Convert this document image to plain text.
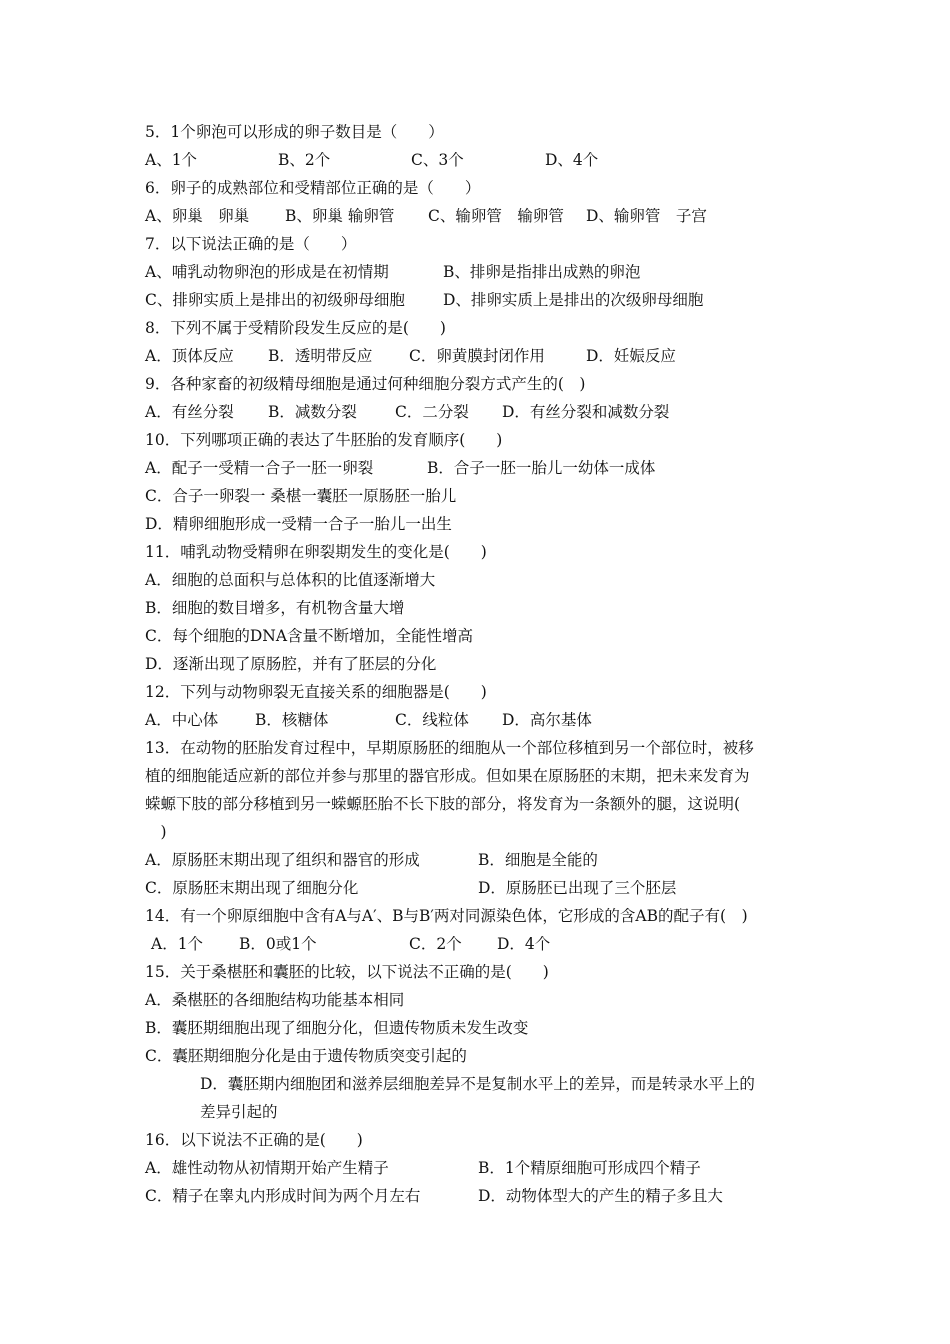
5．1个卵泡可以形成的卵子数目是（　　）
A、1个	B、2个	C、3个	D、4个
6．卵子的成熟部位和受精部位正确的是（　　）
A、卵巢　卵巢 B、卵巢 输卵管 C、输卵管　输卵管 D、输卵管　子宫
7．以下说法正确的是（　　）
A、哺乳动物卵泡的形成是在初情期	B、排卵是指排出成熟的卵泡
C、排卵实质上是排出的初级卵母细胞 D、排卵实质上是排出的次级卵母细胞
8．下列不属于受精阶段发生反应的是(　　)
A．顶体反应 B．透明带反应 C．卵黄膜封闭作用	D．妊娠反应
9．各种家畜的初级精母细胞是通过何种细胞分裂方式产生的(　)
A．有丝分裂 B．减数分裂 C．二分裂 D．有丝分裂和减数分裂
10．下列哪项正确的表达了牛胚胎的发育顺序(　　)
A．配子一受精一合子一胚一卵裂	B．合子一胚一胎儿一幼体一成体
C．合子一卵裂一 桑椹一囊胚一原肠胚一胎儿
D．精卵细胞形成一受精一合子一胎儿一出生
11．哺乳动物受精卵在卵裂期发生的变化是(　　)
A．细胞的总面积与总体积的比值逐渐增大
B．细胞的数目增多，有机物含量大增
C．每个细胞的DNA含量不断增加，全能性增高
D．逐渐出现了原肠腔，并有了胚层的分化
12．下列与动物卵裂无直接关系的细胞器是(　　)
A．中心体 B．核糖体	C．线粒体 D．高尔基体
13．在动物的胚胎发育过程中，早期原肠胚的细胞从一个部位移植到另一个部位时，被移
植的细胞能适应新的部位并参与那里的器官形成。但如果在原肠胚的末期，把未来发育为
蝾螈下肢的部分移植到另一蝾螈胚胎不长下肢的部分，将发育为一条额外的腿，这说明(
　)
A．原肠胚末期出现了组织和器官的形成	B．细胞是全能的
C．原肠胚末期出现了细胞分化	D．原肠胚已出现了三个胚层
14．有一个卵原细胞中含有A与A′、B与B′两对同源染色体，它形成的含AB的配子有(　)
A．1个 B．0或1个	C．2个 D．4个
15．关于桑椹胚和囊胚的比较，以下说法不正确的是(　　)
A．桑椹胚的各细胞结构功能基本相同
B．囊胚期细胞出现了细胞分化，但遗传物质未发生改变
C．囊胚期细胞分化是由于遗传物质突变引起的
D．囊胚期内细胞团和滋养层细胞差异不是复制水平上的差异，而是转录水平上的
差异引起的
16．以下说法不正确的是(　　)
A．雄性动物从初情期开始产生精子	B．1个精原细胞可形成四个精子
C．精子在睾丸内形成时间为两个月左右	D．动物体型大的产生的精子多且大
